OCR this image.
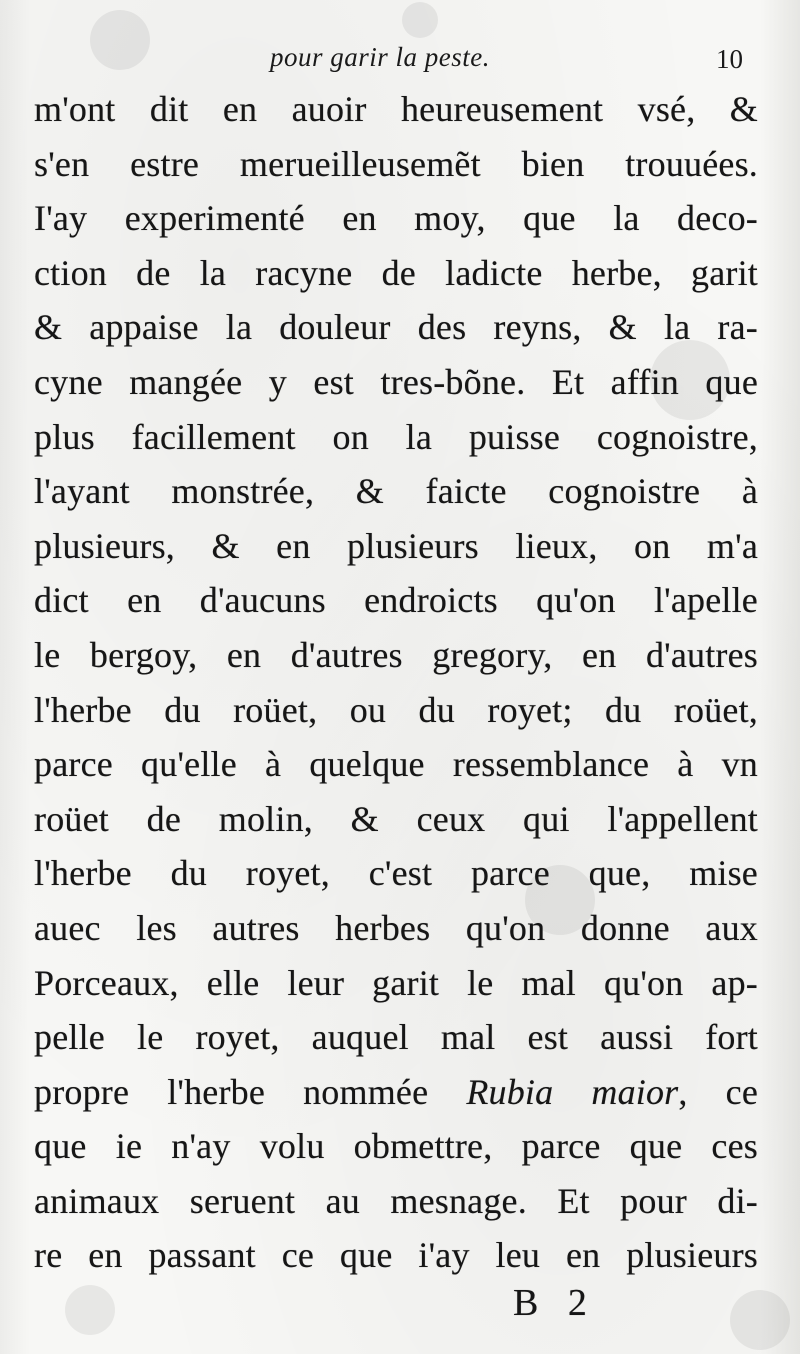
pour garir la peste.	10
m'ont dit en auoir heureusement vsé, &
s'en estre merueilleusemẽt bien trouuées.
I'ay experimenté en moy, que la deco-
ction de la racyne de ladicte herbe, garit
& appaise la douleur des reyns, & la ra-
cyne mangée y est tres-bõne. Et affin que
plus facillement on la puisse cognoistre,
l'ayant monstrée, & faicte cognoistre à
plusieurs, & en plusieurs lieux, on m'a
dict en d'aucuns endroicts qu'on l'apelle
le bergoy, en d'autres gregory, en d'autres
l'herbe du roüet, ou du royet; du roüet,
parce qu'elle à quelque ressemblance à vn
roüet de molin, & ceux qui l'appellent
l'herbe du royet, c'est parce que, mise
auec les autres herbes qu'on donne aux
Porceaux, elle leur garit le mal qu'on ap-
pelle le royet, auquel mal est aussi fort
propre l'herbe nommée Rubia maior, ce
que ie n'ay volu obmettre, parce que ces
animaux seruent au mesnage. Et pour di-
re en passant ce que i'ay leu en plusieurs
B 2
